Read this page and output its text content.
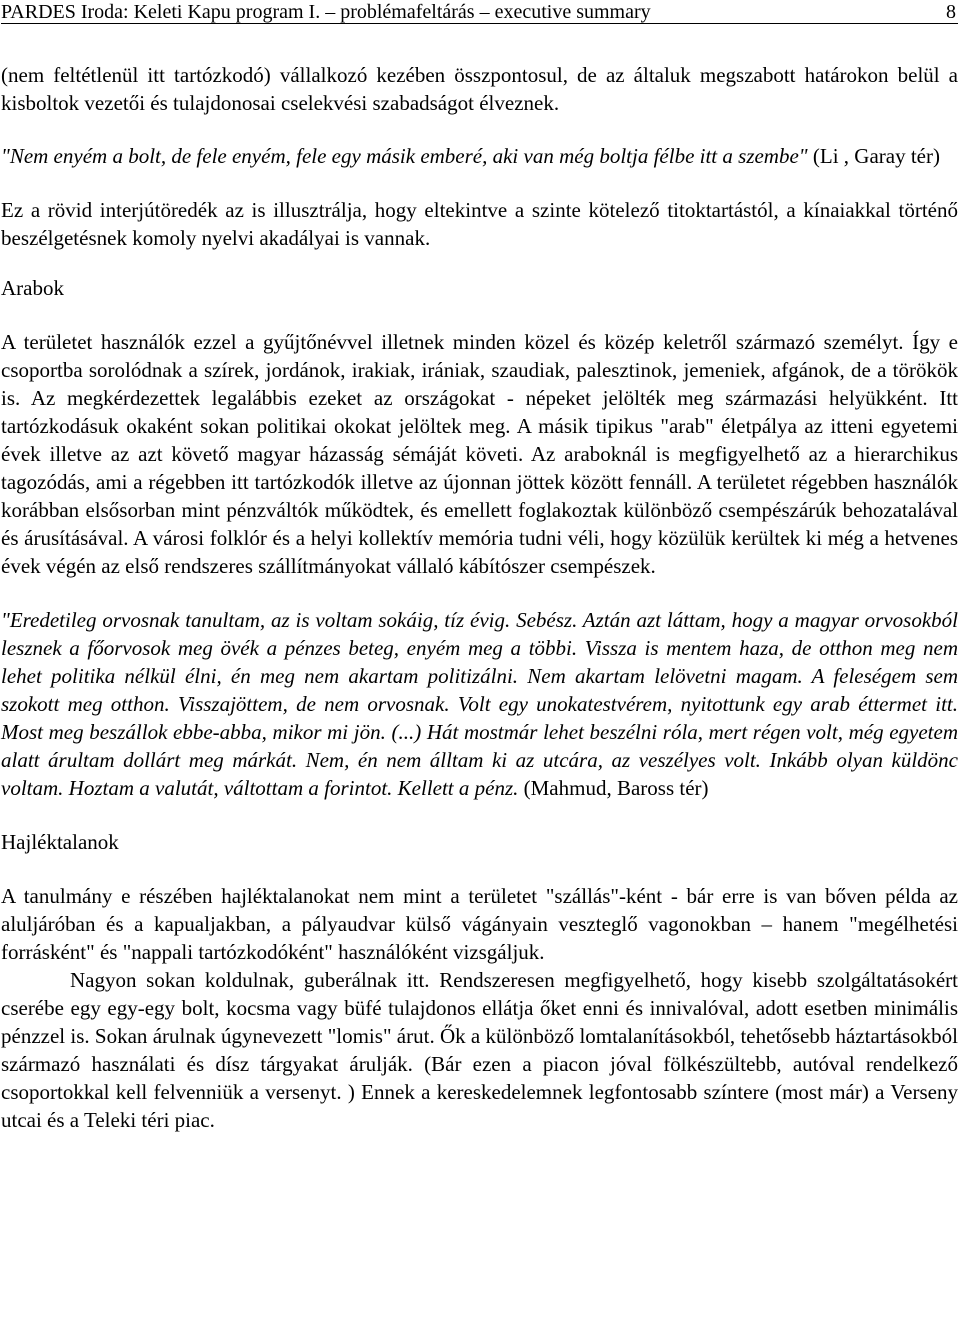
PARDES Iroda: Keleti Kapu program I. – problémafeltárás – executive summary	8

(nem feltétlenül itt tartózkodó) vállalkozó kezében összpontosul, de az általuk megszabott határokon belül a kisboltok vezetői és tulajdonosai cselekvési szabadságot élveznek.

"Nem enyém a bolt, de fele enyém, fele egy másik emberé, aki van még boltja félbe itt a szembe" (Li , Garay tér)

Ez a rövid interjútöredék az is illusztrálja, hogy eltekintve a szinte kötelező titoktartástól, a kínaiakkal történő beszélgetésnek komoly nyelvi akadályai is vannak.

Arabok

A területet használók ezzel a gyűjtőnévvel illetnek minden közel és közép keletről származó személyt. Így e csoportba sorolódnak a szírek, jordánok, irakiak, irániak, szaudiak, palesztinok, jemeniek, afgánok, de a törökök is. Az megkérdezettek legalábbis ezeket az országokat - népeket jelölték meg származási helyükként. Itt tartózkodásuk okaként sokan politikai okokat jelöltek meg. A másik tipikus "arab" életpálya az itteni egyetemi évek illetve az azt követő magyar házasság sémáját követi. Az araboknál is megfigyelhető az a hierarchikus tagozódás, ami a régebben itt tartózkodók illetve az újonnan jöttek között fennáll. A területet régebben használók korábban elsősorban mint pénzváltók működtek, és emellett foglakoztak különböző csempészárúk behozatalával és árusításával. A városi folklór és a helyi kollektív memória tudni véli, hogy közülük kerültek ki még a hetvenes évek végén az első rendszeres szállítmányokat vállaló kábítószer csempészek.

"Eredetileg orvosnak tanultam, az is voltam sokáig, tíz évig. Sebész. Aztán azt láttam, hogy a magyar orvosokból lesznek a főorvosok meg övék a pénzes beteg, enyém meg a többi. Vissza is mentem haza, de otthon meg nem lehet politika nélkül élni, én meg nem akartam politizálni. Nem akartam lelövetni magam. A feleségem sem szokott meg otthon. Visszajöttem, de nem orvosnak. Volt egy unokatestvérem, nyitottunk egy arab éttermet itt. Most meg beszállok ebbe-abba, mikor mi jön. (...) Hát mostmár lehet beszélni róla, mert régen volt, még egyetem alatt árultam dollárt meg márkát. Nem, én nem álltam ki az utcára, az veszélyes volt. Inkább olyan küldönc voltam. Hoztam a valutát, váltottam a forintot. Kellett a pénz. (Mahmud, Baross tér)

Hajléktalanok

A tanulmány e részében hajléktalanokat nem mint a területet "szállás"-ként - bár erre is van bőven példa az aluljáróban és a kapualjakban, a pályaudvar külső vágányain veszteglő vagonokban – hanem "megélhetési forrásként" és "nappali tartózkodóként" használóként vizsgáljuk.

Nagyon sokan koldulnak, guberálnak itt. Rendszeresen megfigyelhető, hogy kisebb szolgáltatásokért cserébe egy egy-egy bolt, kocsma vagy büfé tulajdonos ellátja őket enni és innivalóval, adott esetben minimális pénzzel is. Sokan árulnak úgynevezett "lomis" árut. Ők a különböző lomtalanításokból, tehetősebb háztartásokból származó használati és dísz tárgyakat árulják. (Bár ezen a piacon jóval fölkészültebb, autóval rendelkező csoportokkal kell felvenniük a versenyt. ) Ennek a kereskedelemnek legfontosabb színtere (most már) a Verseny utcai és a Teleki téri piac.
